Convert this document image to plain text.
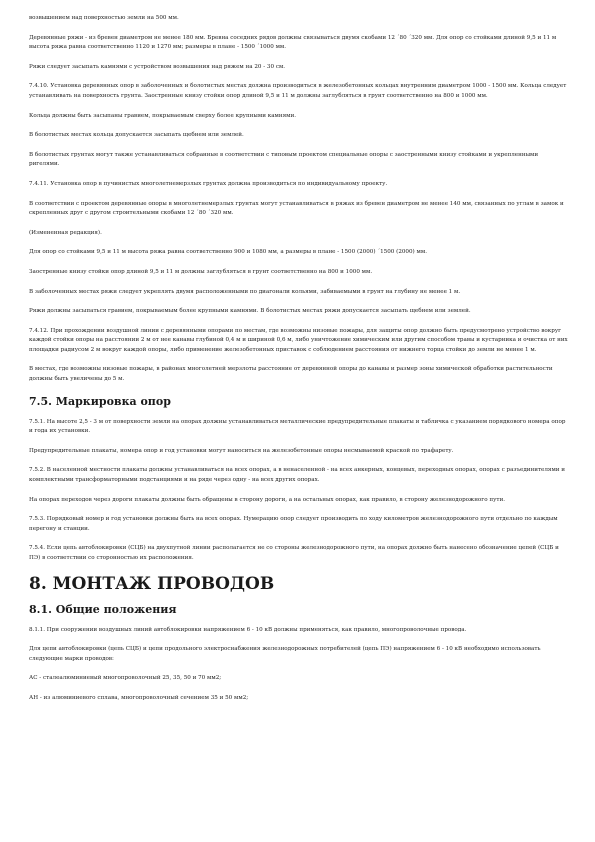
возвышением над поверхностью земли на 500 мм.

Деревянные ряжи - из бревен диаметром не менее 180 мм. Бревна соседних рядов должны связываться двумя скобами 12 ´80 ´320 мм. Для опор со стойками длиной 9,5 и 11 м высота ряжа равна соответственно 1120 и 1270 мм; размеры в плане - 1500 ´1000 мм.

Ряжи следует засыпать камнями с устройством возвышения над ряжем на 20 - 30 см.

7.4.10. Установка деревянных опор в заболоченных и болотистых местах должна производиться в железобетонных кольцах внутренним диаметром 1000 - 1500 мм. Кольца следует устанавливать на поверхность грунта. Заостренные книзу стойки опор длиной 9,5 и 11 м должны заглубляться в грунт соответственно на 800 и 1000 мм.

Кольца должны быть засыпаны гравием, покрываемым сверху более крупными камнями.

В болотистых местах кольца допускается засыпать щебнем или землей.

В болотистых грунтах могут также устанавливаться собранные в соответствии с типовым проектом специальные опоры с заостренными книзу стойками и укрепленными ригелями.

7.4.11. Установка опор в пучинистых многолетнемерзлых грунтах должна производиться по индивидуальному проекту.

В соответствии с проектом деревянные опоры в многолетнемерзлых грунтах могут устанавливаться в ряжах из бревен диаметром не менее 140 мм, связанных по углам в замок и скрепленных друг с другом строительными скобами 12 ´80 ´320 мм.

(Измененная редакция).

Для опор со стойками 9,5 и 11 м высота ряжа равна соответственно 900 и 1080 мм, а размеры в плане - 1500 (2000) ´1500 (2000) мм.

Заостренные книзу стойки опор длиной 9,5 и 11 м должны заглубляться в грунт соответственно на 800 и 1000 мм.

В заболоченных местах ряжи следует укреплять двумя расположенными по диагонали кольями, забиваемыми в грунт на глубину не менее 1 м.

Ряжи должны засыпаться гравием, покрываемым более крупными камнями. В болотистых местах ряжи допускается засыпать щебнем или землей.

7.4.12. При прохождении воздушной линии с деревянными опорами по местам, где возможны низовые пожары, для защиты опор должно быть предусмотрено устройство вокруг каждой стойки опоры на расстоянии 2 м от нее канавы глубиной 0,4 м и шириной 0,6 м, либо уничтожение химическим или другим способом травы и кустарника и очистка от них площадки радиусом 2 м вокруг каждой опоры, либо применение железобетонных приставок с соблюдением расстояния от нижнего торца стойки до земли не менее 1 м.

В местах, где возможны низовые пожары, в районах многолетней мерзлоты расстояние от деревянной опоры до канавы и размер зоны химической обработки растительности должны быть увеличены до 5 м.

7.5. Маркировка опор

7.5.1. На высоте 2,5 - 3 м от поверхности земли на опорах должны устанавливаться металлические предупредительные плакаты и табличка с указанием порядкового номера опор и года их установки.

Предупредительные плакаты, номера опор и год установки могут наноситься на железобетонные опоры несмываемой краской по трафарету.

7.5.2. В населенной местности плакаты должны устанавливаться на всех опорах, а в ненаселенной - на всех анкерных, концевых, переходных опорах, опорах с разъединителями и комплектными трансформаторными подстанциями и на ряде через одну - на всех других опорах.

На опорах переходов через дороги плакаты должны быть обращены в сторону дороги, а на остальных опорах, как правило, в сторону железнодорожного пути.

7.5.3. Порядковый номер и год установки должны быть на всех опорах. Нумерацию опор следует производить по ходу километров железнодорожного пути отдельно по каждым перегону и станции.

7.5.4. Если цепь автоблокировки (СЦБ) на двухпутной линии располагается не со стороны железнодорожного пути, на опорах должно быть нанесено обозначение цепей (СЦБ и ПЭ) в соответствии со сторонностью их расположения.

8. МОНТАЖ ПРОВОДОВ
8.1. Общие положения

8.1.1. При сооружении воздушных линий автоблокировки напряжением 6 - 10 кВ должны применяться, как правило, многопроволочные провода.

Для цепи автоблокировки (цепь СЦБ) и цепи продольного электроснабжения железнодорожных потребителей (цепь ПЭ) напряжением 6 - 10 кВ необходимо использовать следующие марки проводов:

АС - сталеалюминиевый многопроволочный 25, 35, 50 и 70 мм2;

АН - из алюминиевого сплава, многопроволочный сечением 35 и 50 мм2;
